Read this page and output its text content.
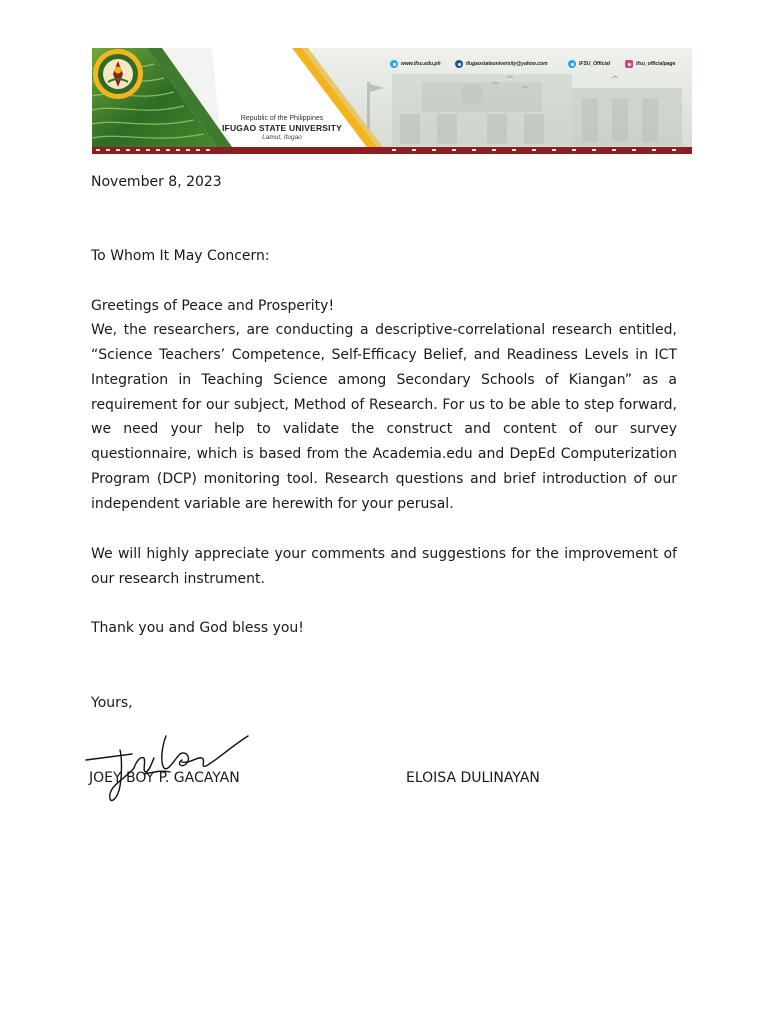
Republic of the Philippines
IFUGAO STATE UNIVERSITY
Lamut, Ifugao
www.ifsu.edu.ph	ifugaostateuniversity@yahoo.com	IFSU_Official	ifsu_officialpage
November 8, 2023
To Whom It May Concern:
Greetings of Peace and Prosperity!
We, the researchers, are conducting a descriptive-correlational research entitled, “Science Teachers’ Competence, Self-Efficacy Belief, and Readiness Levels in ICT Integration in Teaching Science among Secondary Schools of Kiangan” as a requirement for our subject, Method of Research. For us to be able to step forward, we need your help to validate the construct and content of our survey questionnaire, which is based from the Academia.edu and DepEd Computerization Program (DCP) monitoring tool. Research questions and brief introduction of our independent variable are herewith for your perusal.
We will highly appreciate your comments and suggestions for the improvement of our research instrument.
Thank you and God bless you!
Yours,
JOEY BOY P. GACAYAN	ELOISA DULINAYAN
